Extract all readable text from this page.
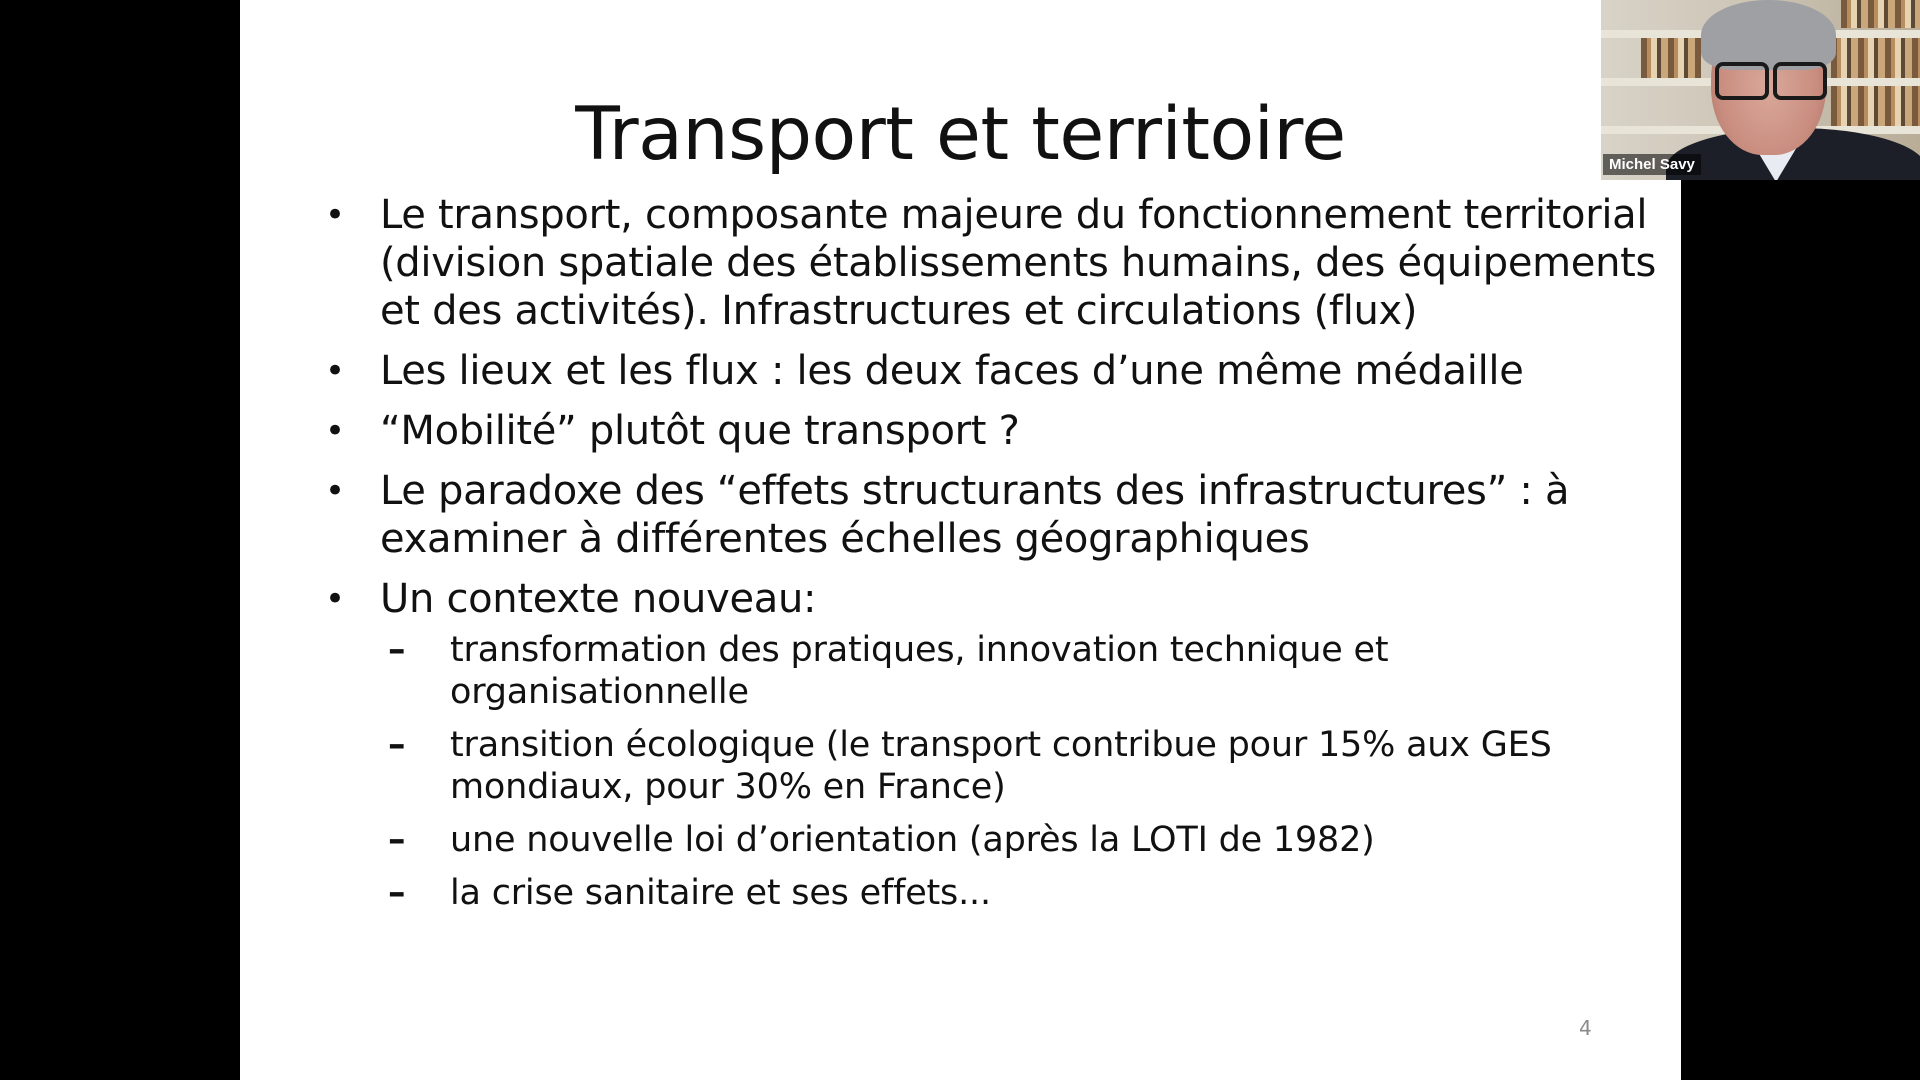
Transport et territoire
• Le transport, composante majeure du fonctionnement territorial (division spatiale des établissements humains, des équipements et des activités). Infrastructures et circulations (flux)
• Les lieux et les flux : les deux faces d’une même médaille
• “Mobilité” plutôt que transport ?
• Le paradoxe des “effets structurants des infrastructures” : à examiner à différentes échelles géographiques
• Un contexte nouveau:
– transformation des pratiques, innovation technique et organisationnelle
– transition écologique (le transport contribue pour 15% aux GES mondiaux, pour 30% en France)
– une nouvelle loi d’orientation (après la LOTI de 1982)
– la crise sanitaire et ses effets...
4
Michel Savy
